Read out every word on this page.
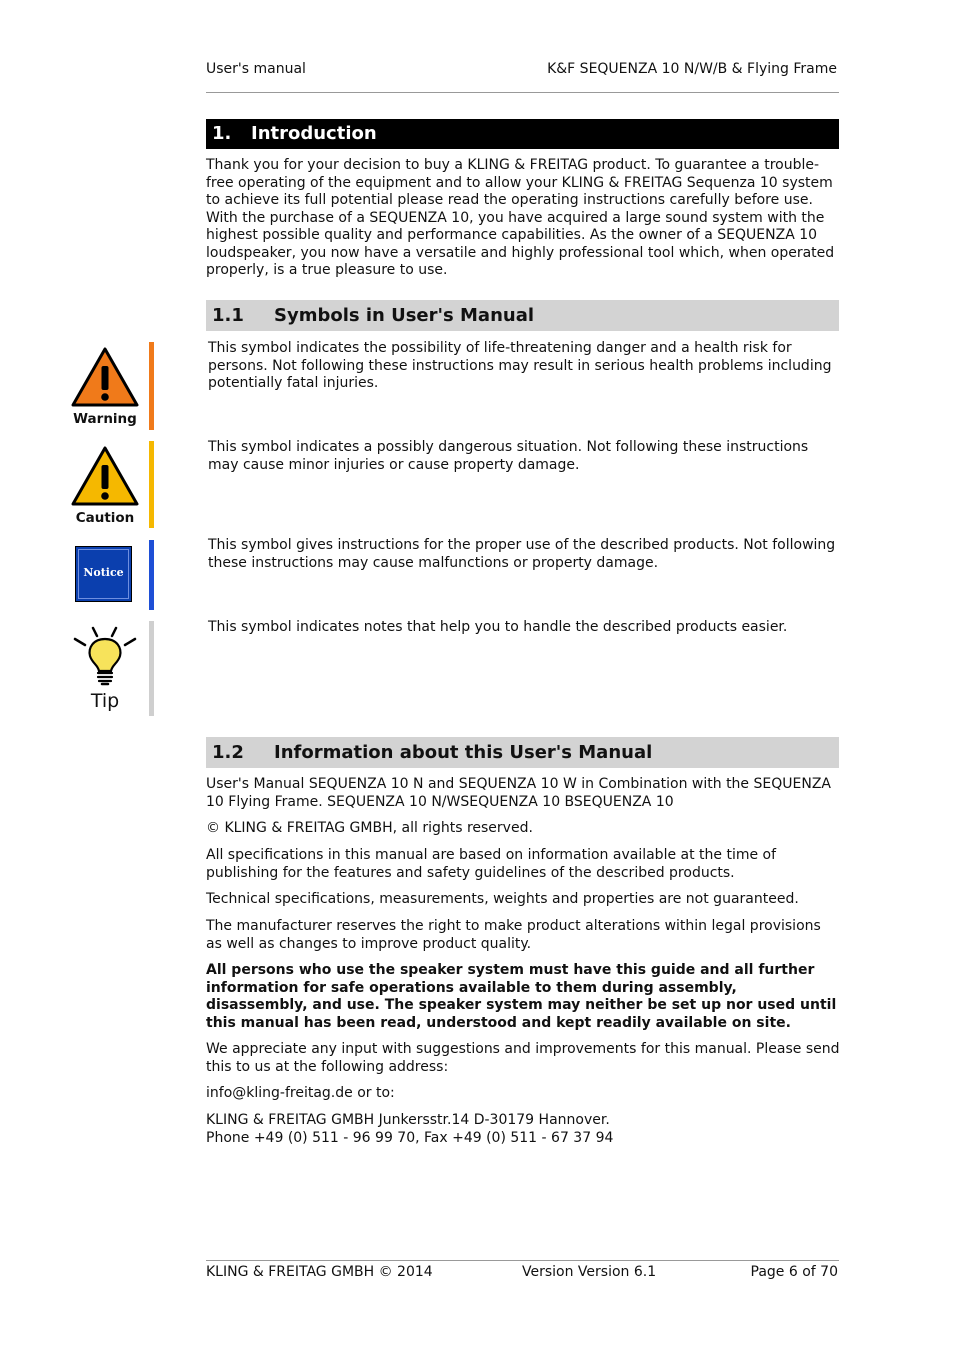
User's manual	K&F SEQUENZA 10 N/W/B & Flying Frame
1. Introduction

Thank you for your decision to buy a KLING & FREITAG product. To guarantee a trouble-free operating of the equipment and to allow your KLING & FREITAG Sequenza 10 system to achieve its full potential please read the operating instructions carefully before use. With the purchase of a SEQUENZA 10, you have acquired a large sound system with the highest possible quality and performance capabilities. As the owner of a SEQUENZA 10 loudspeaker, you now have a versatile and highly professional tool which, when operated properly, is a true pleasure to use.

1.1 Symbols in User's Manual
Warning

This symbol indicates the possibility of life-threatening danger and a health risk for persons. Not following these instructions may result in serious health problems including potentially fatal injuries.

Caution

This symbol indicates a possibly dangerous situation. Not following these instructions may cause minor injuries or cause property damage.

Notice

This symbol gives instructions for the proper use of the described products. Not following these instructions may cause malfunctions or property damage.

Tip

This symbol indicates notes that help you to handle the described products easier.

1.2 Information about this User's Manual

User's Manual SEQUENZA 10 N and SEQUENZA 10 W in Combination with the SEQUENZA 10 Flying Frame. SEQUENZA 10 N/WSEQUENZA 10 BSEQUENZA 10

© KLING & FREITAG GMBH, all rights reserved.

All specifications in this manual are based on information available at the time of publishing for the features and safety guidelines of the described products.

Technical specifications, measurements, weights and properties are not guaranteed.

The manufacturer reserves the right to make product alterations within legal provisions as well as changes to improve product quality.

All persons who use the speaker system must have this guide and all further information for safe operations available to them during assembly, disassembly, and use. The speaker system may neither be set up nor used until this manual has been read, understood and kept readily available on site.

We appreciate any input with suggestions and improvements for this manual. Please send this to us at the following address:

info@kling-freitag.de or to:

KLING & FREITAG GMBH Junkersstr.14 D-30179 Hannover.

Phone +49 (0) 511 - 96 99 70, Fax +49 (0) 511 - 67 37 94

KLING & FREITAG GMBH © 2014	Version Version 6.1	Page 6 of 70
